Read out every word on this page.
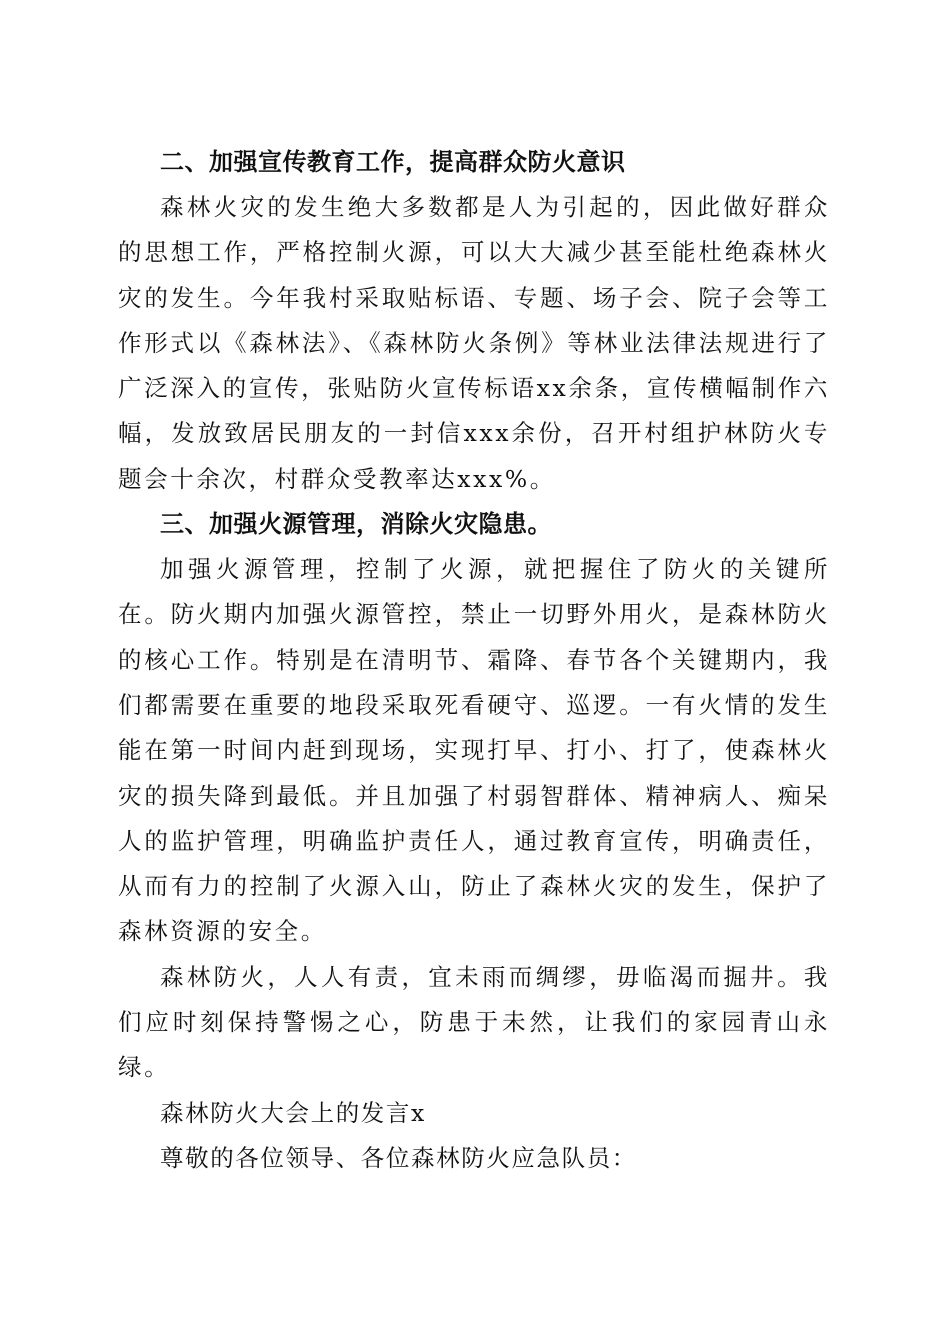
二、加强宣传教育工作，提高群众防火意识

森林火灾的发生绝大多数都是人为引起的，因此做好群众的思想工作，严格控制火源，可以大大减少甚至能杜绝森林火灾的发生。今年我村采取贴标语、专题、场子会、院子会等工作形式以《森林法》、《森林防火条例》等林业法律法规进行了广泛深入的宣传，张贴防火宣传标语xx余条，宣传横幅制作六幅，发放致居民朋友的一封信xxx余份，召开村组护林防火专题会十余次，村群众受教率达xxx%。

三、加强火源管理，消除火灾隐患。

加强火源管理，控制了火源，就把握住了防火的关键所在。防火期内加强火源管控，禁止一切野外用火，是森林防火的核心工作。特别是在清明节、霜降、春节各个关键期内，我们都需要在重要的地段采取死看硬守、巡逻。一有火情的发生能在第一时间内赶到现场，实现打早、打小、打了，使森林火灾的损失降到最低。并且加强了村弱智群体、精神病人、痴呆人的监护管理，明确监护责任人，通过教育宣传，明确责任，从而有力的控制了火源入山，防止了森林火灾的发生，保护了森林资源的安全。

森林防火，人人有责，宜未雨而绸缪，毋临渴而掘井。我们应时刻保持警惕之心，防患于未然，让我们的家园青山永绿。

森林防火大会上的发言x

尊敬的各位领导、各位森林防火应急队员：
